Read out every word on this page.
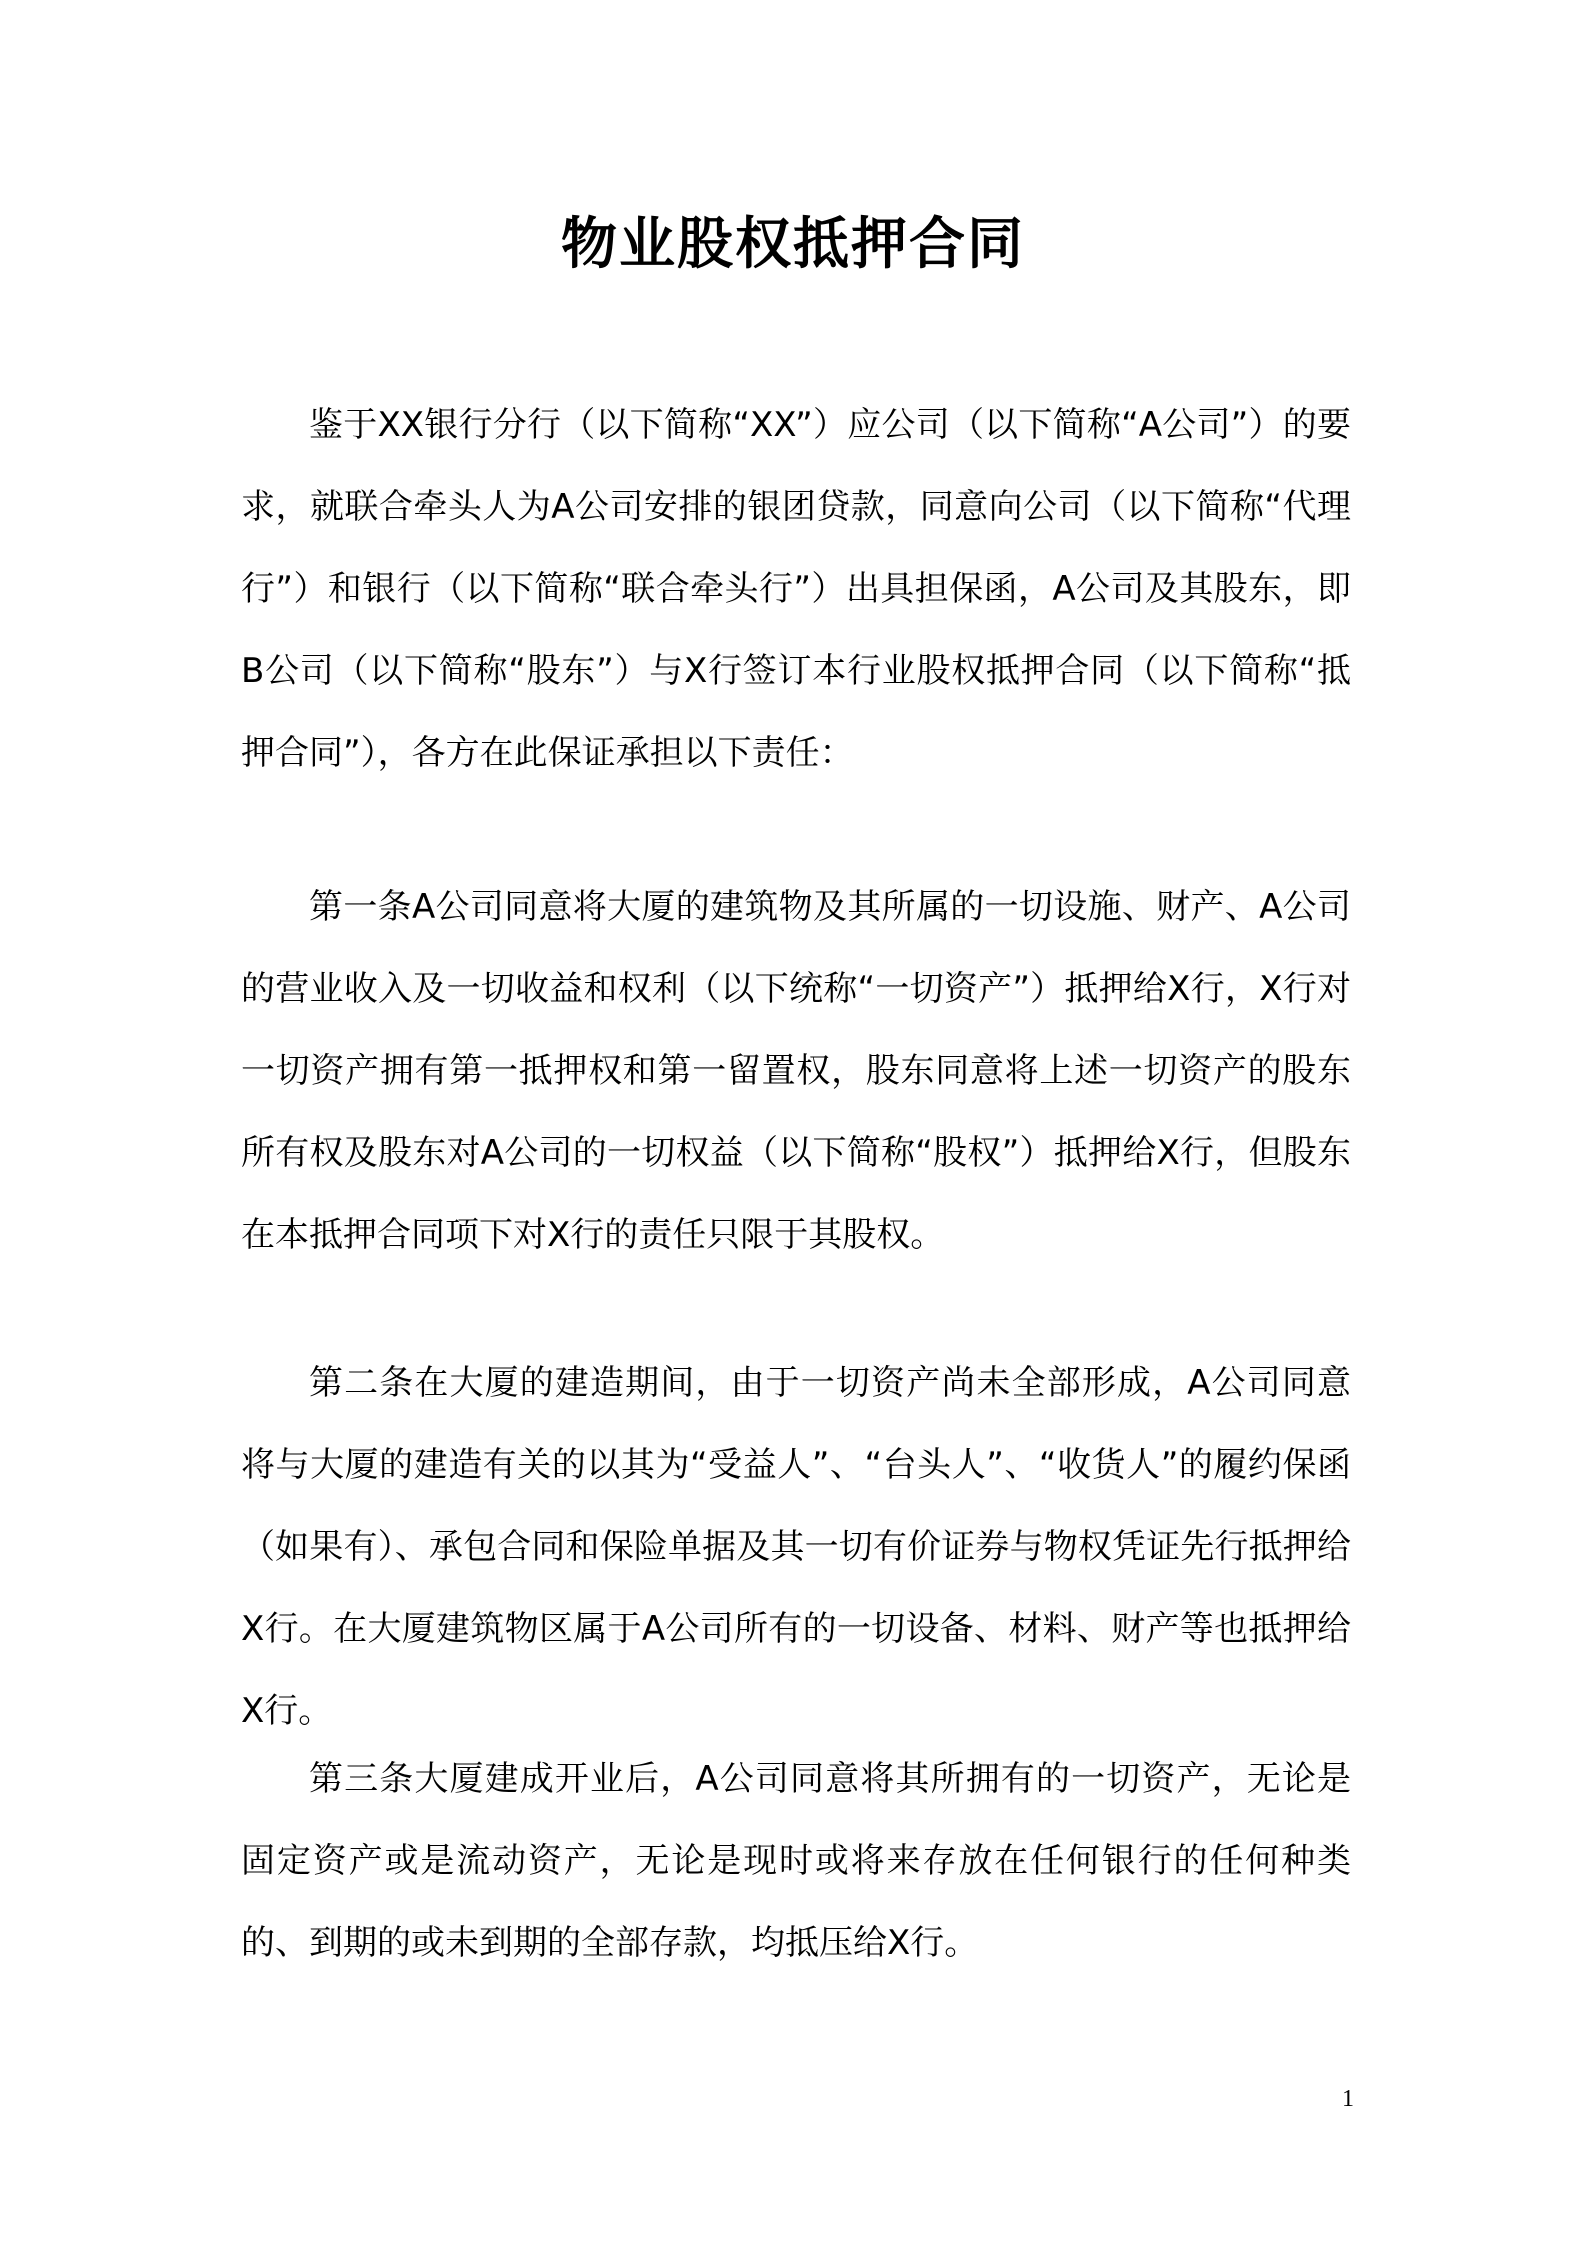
物业股权抵押合同

鉴于XX银行分行（以下简称“XX”）应公司（以下简称“A公司”）的要求，就联合牵头人为A公司安排的银团贷款，同意向公司（以下简称“代理行”）和银行（以下简称“联合牵头行”）出具担保函，A公司及其股东，即B公司（以下简称“股东”）与X行签订本行业股权抵押合同（以下简称“抵押合同”），各方在此保证承担以下责任：

第一条A公司同意将大厦的建筑物及其所属的一切设施、财产、A公司的营业收入及一切收益和权利（以下统称“一切资产”）抵押给X行，X行对一切资产拥有第一抵押权和第一留置权，股东同意将上述一切资产的股东所有权及股东对A公司的一切权益（以下简称“股权”）抵押给X行，但股东在本抵押合同项下对X行的责任只限于其股权。

第二条在大厦的建造期间，由于一切资产尚未全部形成，A公司同意将与大厦的建造有关的以其为“受益人”、“台头人”、“收货人”的履约保函（如果有）、承包合同和保险单据及其一切有价证券与物权凭证先行抵押给X行。在大厦建筑物区属于A公司所有的一切设备、材料、财产等也抵押给X行。

第三条大厦建成开业后，A公司同意将其所拥有的一切资产，无论是固定资产或是流动资产，无论是现时或将来存放在任何银行的任何种类的、到期的或未到期的全部存款，均抵压给X行。

1
